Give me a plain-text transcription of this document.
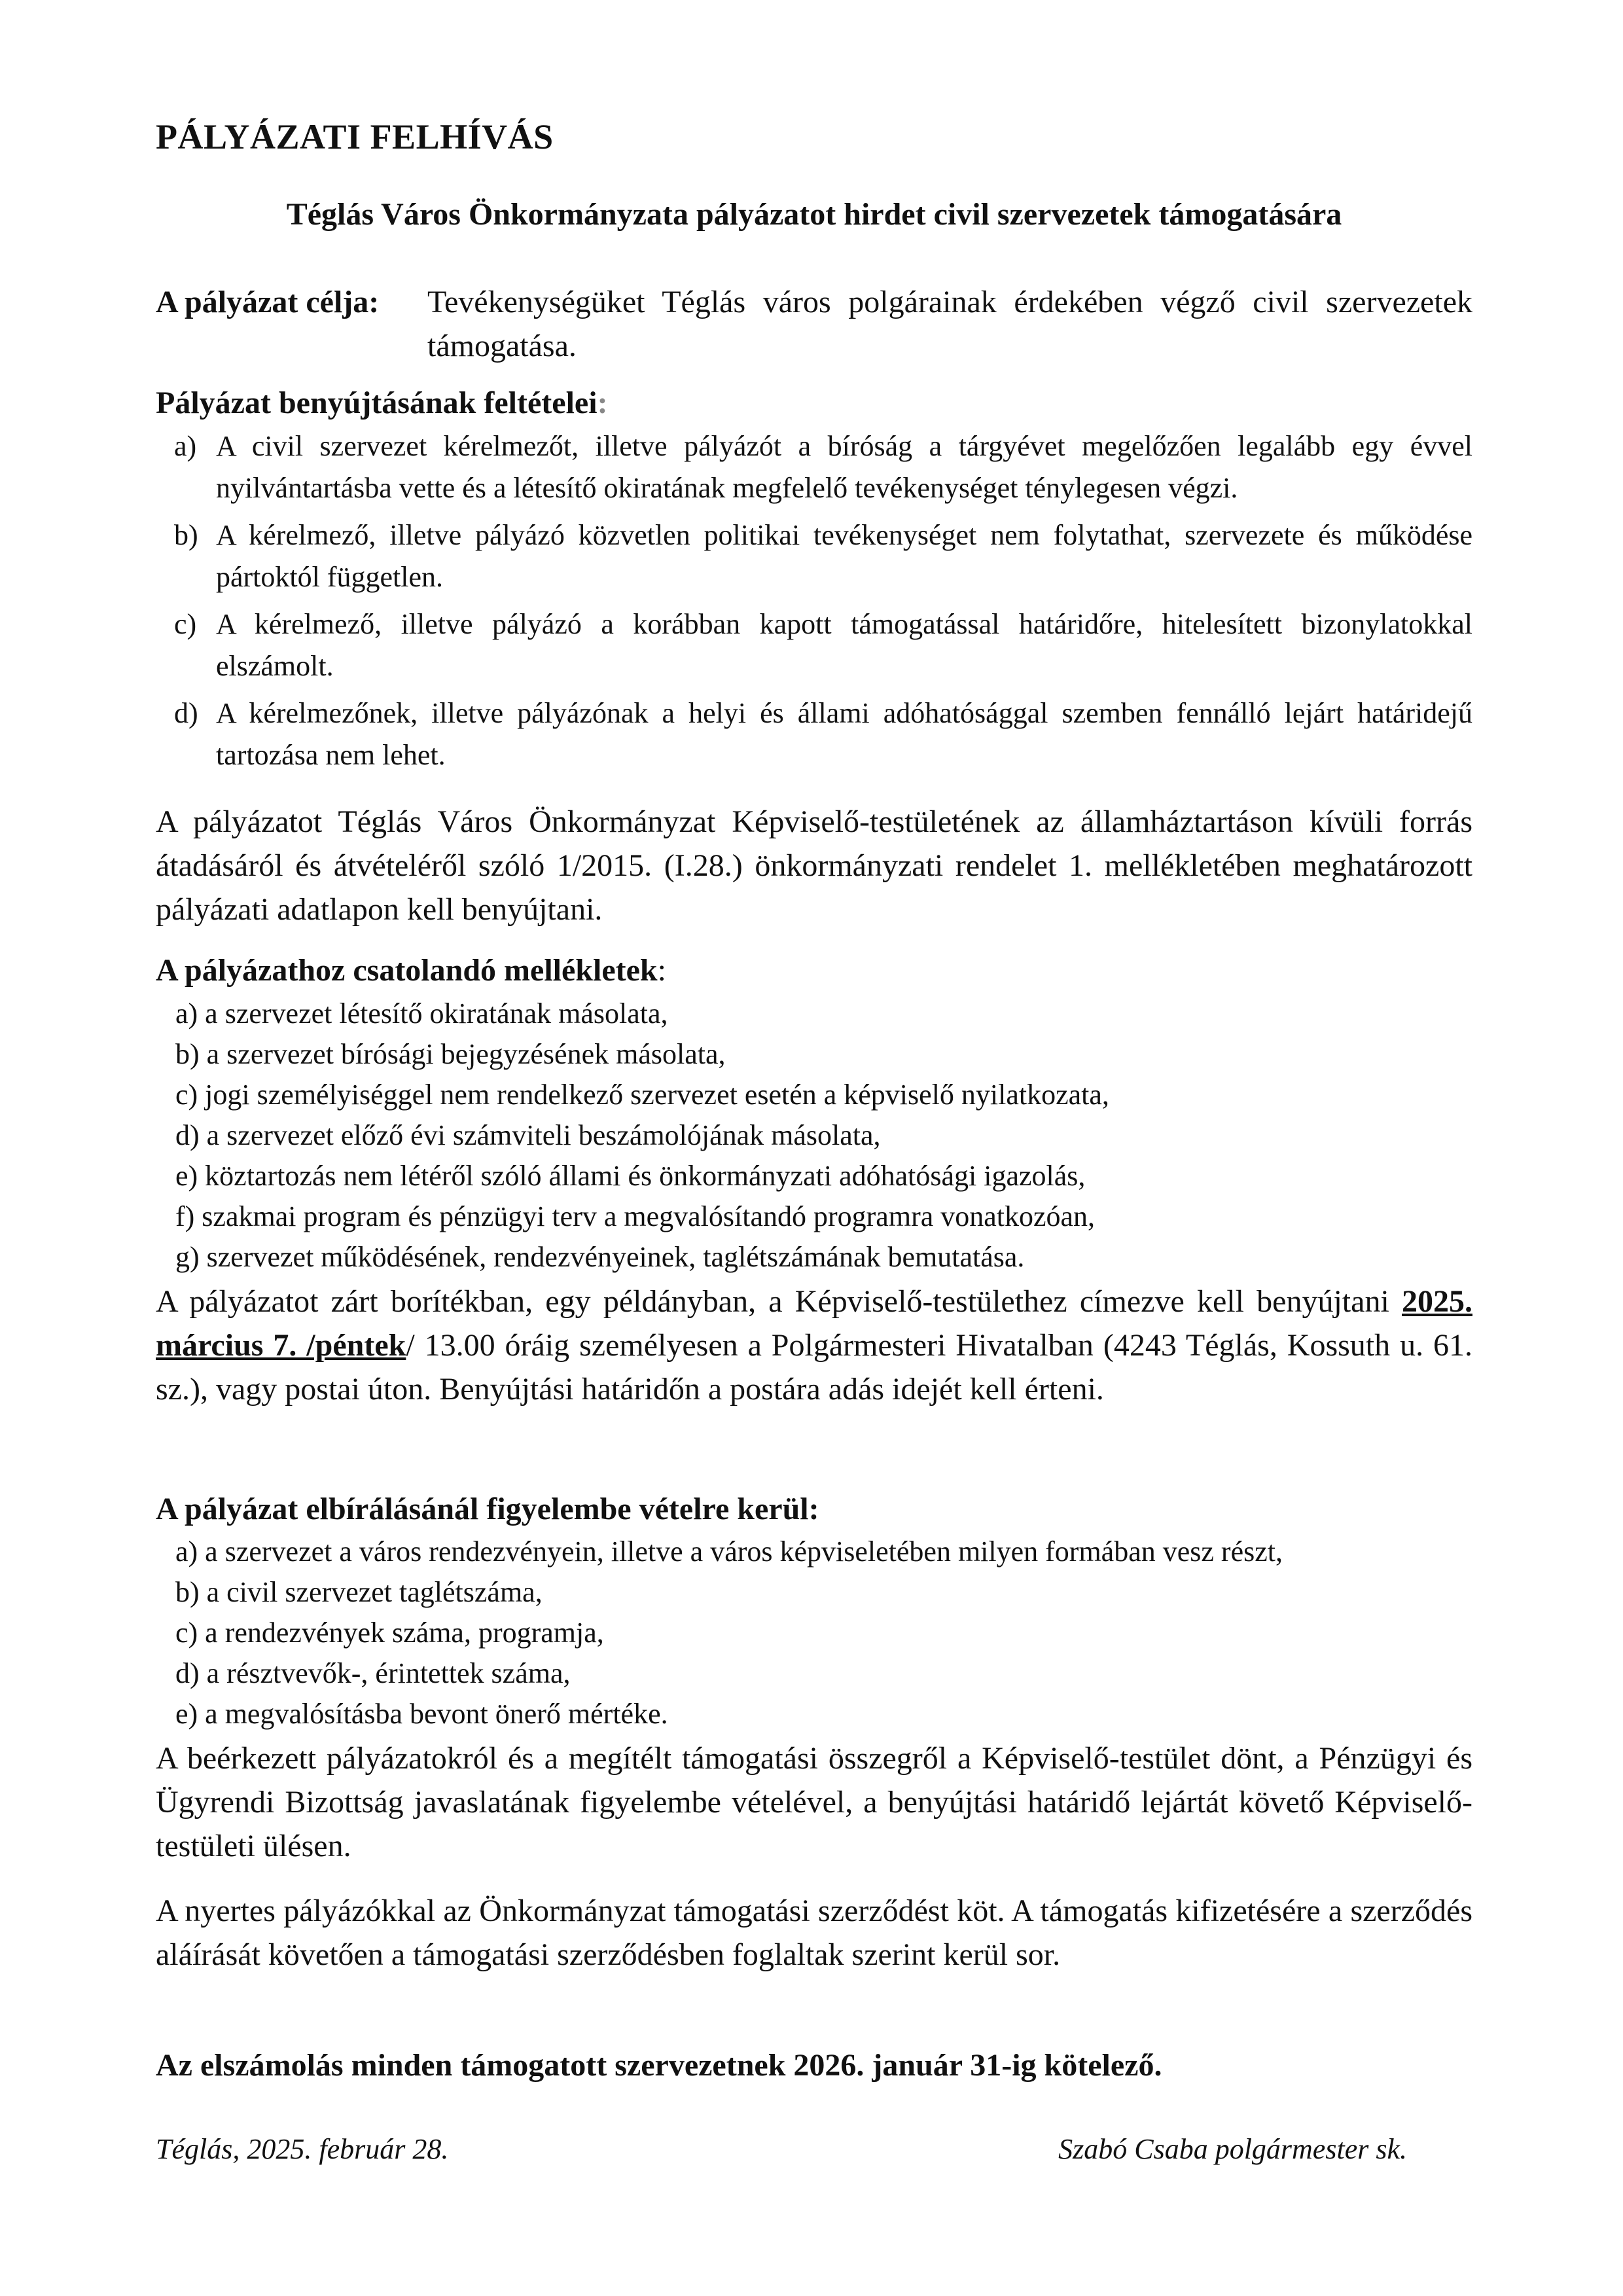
PÁLYÁZATI FELHÍVÁS
Téglás Város Önkormányzata pályázatot hirdet civil szervezetek támogatására
A pályázat célja: Tevékenységüket Téglás város polgárainak érdekében végző civil szervezetek támogatása.
Pályázat benyújtásának feltételei:
a) A civil szervezet kérelmezőt, illetve pályázót a bíróság a tárgyévet megelőzően legalább egy évvel nyilvántartásba vette és a létesítő okiratának megfelelő tevékenységet ténylegesen végzi.
b) A kérelmező, illetve pályázó közvetlen politikai tevékenységet nem folytathat, szervezete és működése pártoktól független.
c) A kérelmező, illetve pályázó a korábban kapott támogatással határidőre, hitelesített bizonylatokkal elszámolt.
d) A kérelmezőnek, illetve pályázónak a helyi és állami adóhatósággal szemben fennálló lejárt határidejű tartozása nem lehet.
A pályázatot Téglás Város Önkormányzat Képviselő-testületének az államháztartáson kívüli forrás átadásáról és átvételéről szóló 1/2015. (I.28.) önkormányzati rendelet 1. mellékletében meghatározott pályázati adatlapon kell benyújtani.
A pályázathoz csatolandó mellékletek:
a) a szervezet létesítő okiratának másolata,
b) a szervezet bírósági bejegyzésének másolata,
c) jogi személyiséggel nem rendelkező szervezet esetén a képviselő nyilatkozata,
d) a szervezet előző évi számviteli beszámolójának másolata,
e) köztartozás nem létéről szóló állami és önkormányzati adóhatósági igazolás,
f) szakmai program és pénzügyi terv a megvalósítandó programra vonatkozóan,
g) szervezet működésének, rendezvényeinek, taglétszámának bemutatása.
A pályázatot zárt borítékban, egy példányban, a Képviselő-testülethez címezve kell benyújtani 2025. március 7. /péntek/ 13.00 óráig személyesen a Polgármesteri Hivatalban (4243 Téglás, Kossuth u. 61. sz.), vagy postai úton. Benyújtási határidőn a postára adás idejét kell érteni.
A pályázat elbírálásánál figyelembe vételre kerül:
a) a szervezet a város rendezvényein, illetve a város képviseletében milyen formában vesz részt,
b) a civil szervezet taglétszáma,
c) a rendezvények száma, programja,
d) a résztvevők-, érintettek száma,
e) a megvalósításba bevont önerő mértéke.
A beérkezett pályázatokról és a megítélt támogatási összegről a Képviselő-testület dönt, a Pénzügyi és Ügyrendi Bizottság javaslatának figyelembe vételével, a benyújtási határidő lejártát követő Képviselő-testületi ülésen.
A nyertes pályázókkal az Önkormányzat támogatási szerződést köt. A támogatás kifizetésére a szerződés aláírását követően a támogatási szerződésben foglaltak szerint kerül sor.
Az elszámolás minden támogatott szervezetnek 2026. január 31-ig kötelező.
Téglás, 2025. február 28.	Szabó Csaba polgármester sk.
